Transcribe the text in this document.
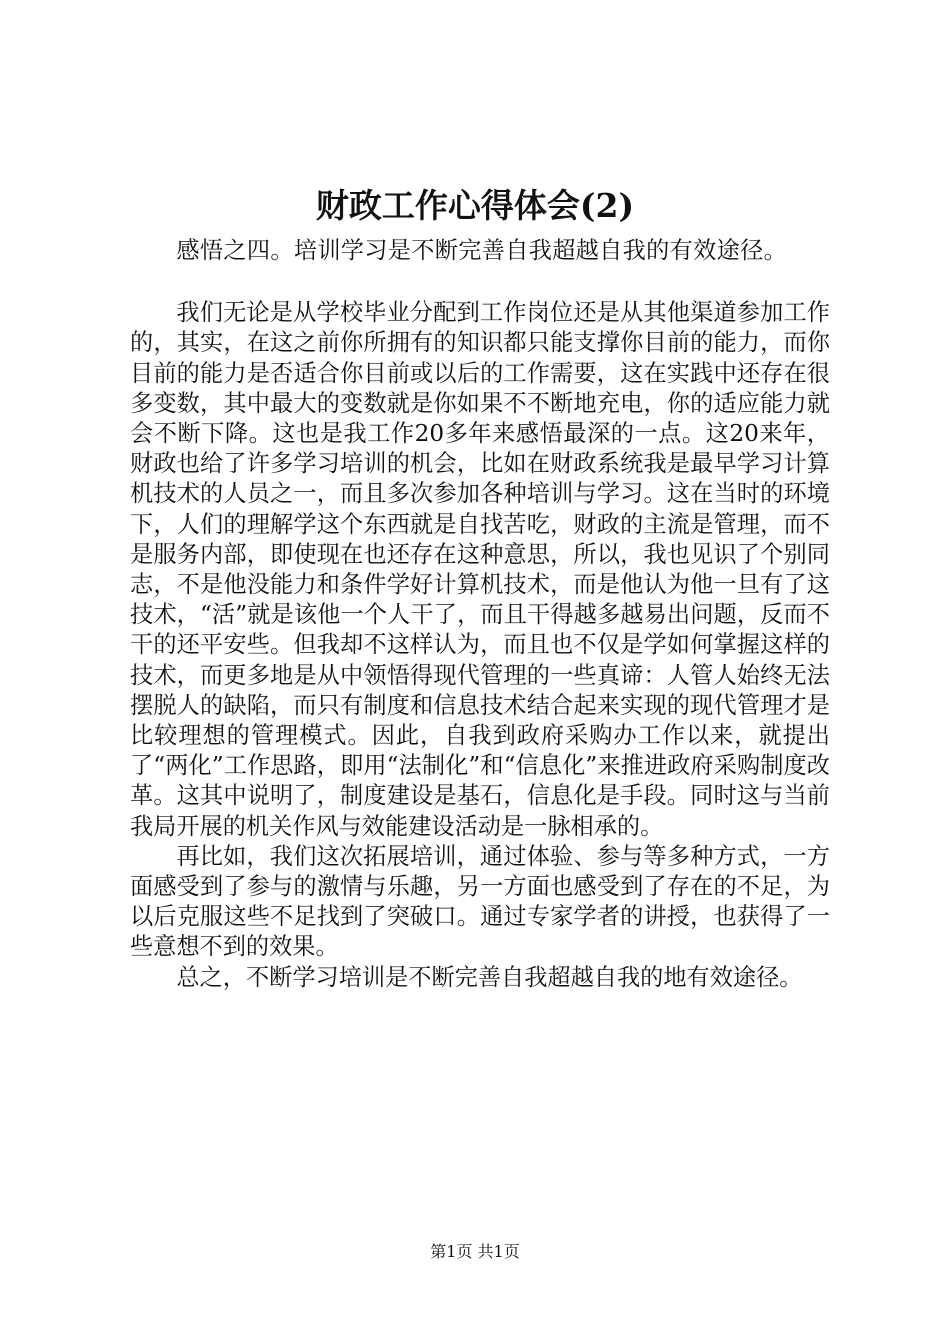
财政工作心得体会(2)

感悟之四。培训学习是不断完善自我超越自我的有效途径。

我们无论是从学校毕业分配到工作岗位还是从其他渠道参加工作的，其实，在这之前你所拥有的知识都只能支撑你目前的能力，而你目前的能力是否适合你目前或以后的工作需要，这在实践中还存在很多变数，其中最大的变数就是你如果不不断地充电，你的适应能力就会不断下降。这也是我工作20多年来感悟最深的一点。这20来年，财政也给了许多学习培训的机会，比如在财政系统我是最早学习计算机技术的人员之一，而且多次参加各种培训与学习。这在当时的环境下，人们的理解学这个东西就是自找苦吃，财政的主流是管理，而不是服务内部，即使现在也还存在这种意思，所以，我也见识了个别同志，不是他没能力和条件学好计算机技术，而是他认为他一旦有了这技术，“活”就是该他一个人干了，而且干得越多越易出问题，反而不干的还平安些。但我却不这样认为，而且也不仅是学如何掌握这样的技术，而更多地是从中领悟得现代管理的一些真谛：人管人始终无法摆脱人的缺陷，而只有制度和信息技术结合起来实现的现代管理才是比较理想的管理模式。因此，自我到政府采购办工作以来，就提出了“两化”工作思路，即用“法制化”和“信息化”来推进政府采购制度改革。这其中说明了，制度建设是基石，信息化是手段。同时这与当前我局开展的机关作风与效能建设活动是一脉相承的。

再比如，我们这次拓展培训，通过体验、参与等多种方式，一方面感受到了参与的激情与乐趣，另一方面也感受到了存在的不足，为以后克服这些不足找到了突破口。通过专家学者的讲授，也获得了一些意想不到的效果。

总之，不断学习培训是不断完善自我超越自我的地有效途径。

第1页 共1页
